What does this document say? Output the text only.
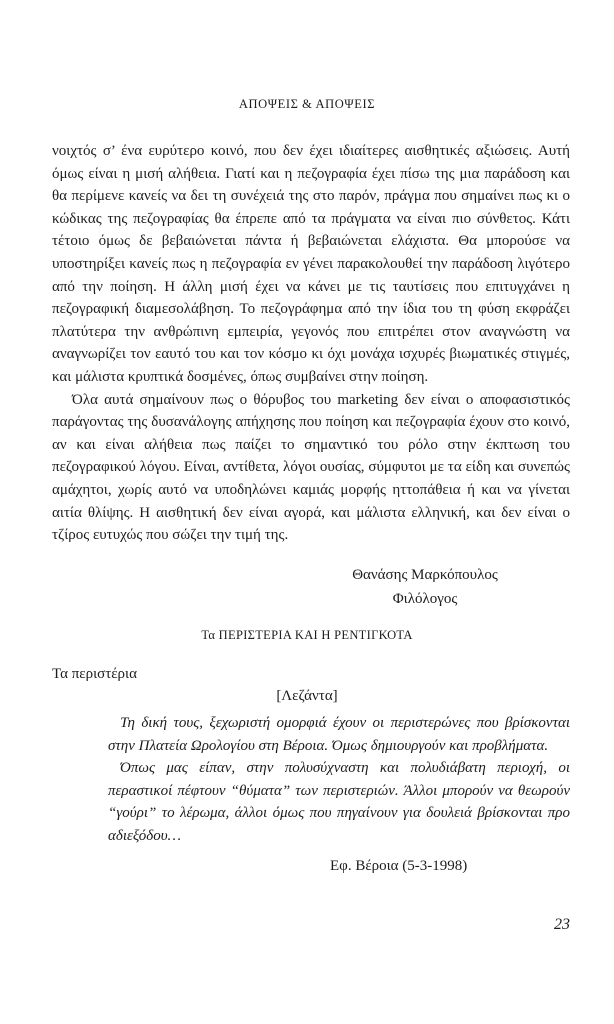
ΑΠΟΨΕΙΣ & ΑΠΟΨΕΙΣ

νοιχτός σ’ ένα ευρύτερο κοινό, που δεν έχει ιδιαίτερες αισθητικές αξιώσεις. Αυτή όμως είναι η μισή αλήθεια. Γιατί και η πεζογραφία έχει πίσω της μια παράδοση και θα περίμενε κανείς να δει τη συνέχειά της στο παρόν, πράγμα που σημαίνει πως κι ο κώδικας της πεζογραφίας θα έπρεπε από τα πράγματα να είναι πιο σύνθετος. Κάτι τέτοιο όμως δε βεβαιώνεται πάντα ή βεβαιώνεται ελάχιστα. Θα μπορούσε να υποστηρίξει κανείς πως η πεζογραφία εν γένει παρακολουθεί την παράδοση λιγότερο από την ποίηση. Η άλλη μισή έχει να κάνει με τις ταυτίσεις που επιτυγχάνει η πεζογραφική διαμεσολάβηση. Το πεζογράφημα από την ίδια του τη φύση εκφράζει πλατύτερα την ανθρώπινη εμπειρία, γεγονός που επιτρέπει στον αναγνώστη να αναγνωρίζει τον εαυτό του και τον κόσμο κι όχι μονάχα ισχυρές βιωματικές στιγμές, και μάλιστα κρυπτικά δοσμένες, όπως συμβαίνει στην ποίηση.

Όλα αυτά σημαίνουν πως ο θόρυβος του marketing δεν είναι ο αποφασιστικός παράγοντας της δυσανάλογης απήχησης που ποίηση και πεζογραφία έχουν στο κοινό, αν και είναι αλήθεια πως παίζει το σημαντικό του ρόλο στην έκπτωση του πεζογραφικού λόγου. Είναι, αντίθετα, λόγοι ουσίας, σύμφυτοι με τα είδη και συνεπώς αμάχητοι, χωρίς αυτό να υποδηλώνει καμιάς μορφής ηττοπάθεια ή και να γίνεται αιτία θλίψης. Η αισθητική δεν είναι αγορά, και μάλιστα ελληνική, και δεν είναι ο τζίρος ευτυχώς που σώζει την τιμή της.

Θανάσης Μαρκόπουλος
Φιλόλογος
Τα ΠΕΡΙΣΤΕΡΙΑ ΚΑΙ Η ΡΕΝΤΙΓΚΟΤΑ
Τα περιστέρια
[Λεζάντα]

Τη δική τους, ξεχωριστή ομορφιά έχουν οι περιστερώνες που βρίσκονται στην Πλατεία Ωρολογίου στη Βέροια. Όμως δημιουργούν και προβλήματα.

Όπως μας είπαν, στην πολυσύχναστη και πολυδιάβατη περιοχή, οι περαστικοί πέφτουν “θύματα” των περιστεριών. Άλλοι μπορούν να θεωρούν “γούρι” το λέρωμα, άλλοι όμως που πηγαίνουν για δουλειά βρίσκονται προ αδιεξόδου…

Εφ. Βέροια (5-3-1998)
23
